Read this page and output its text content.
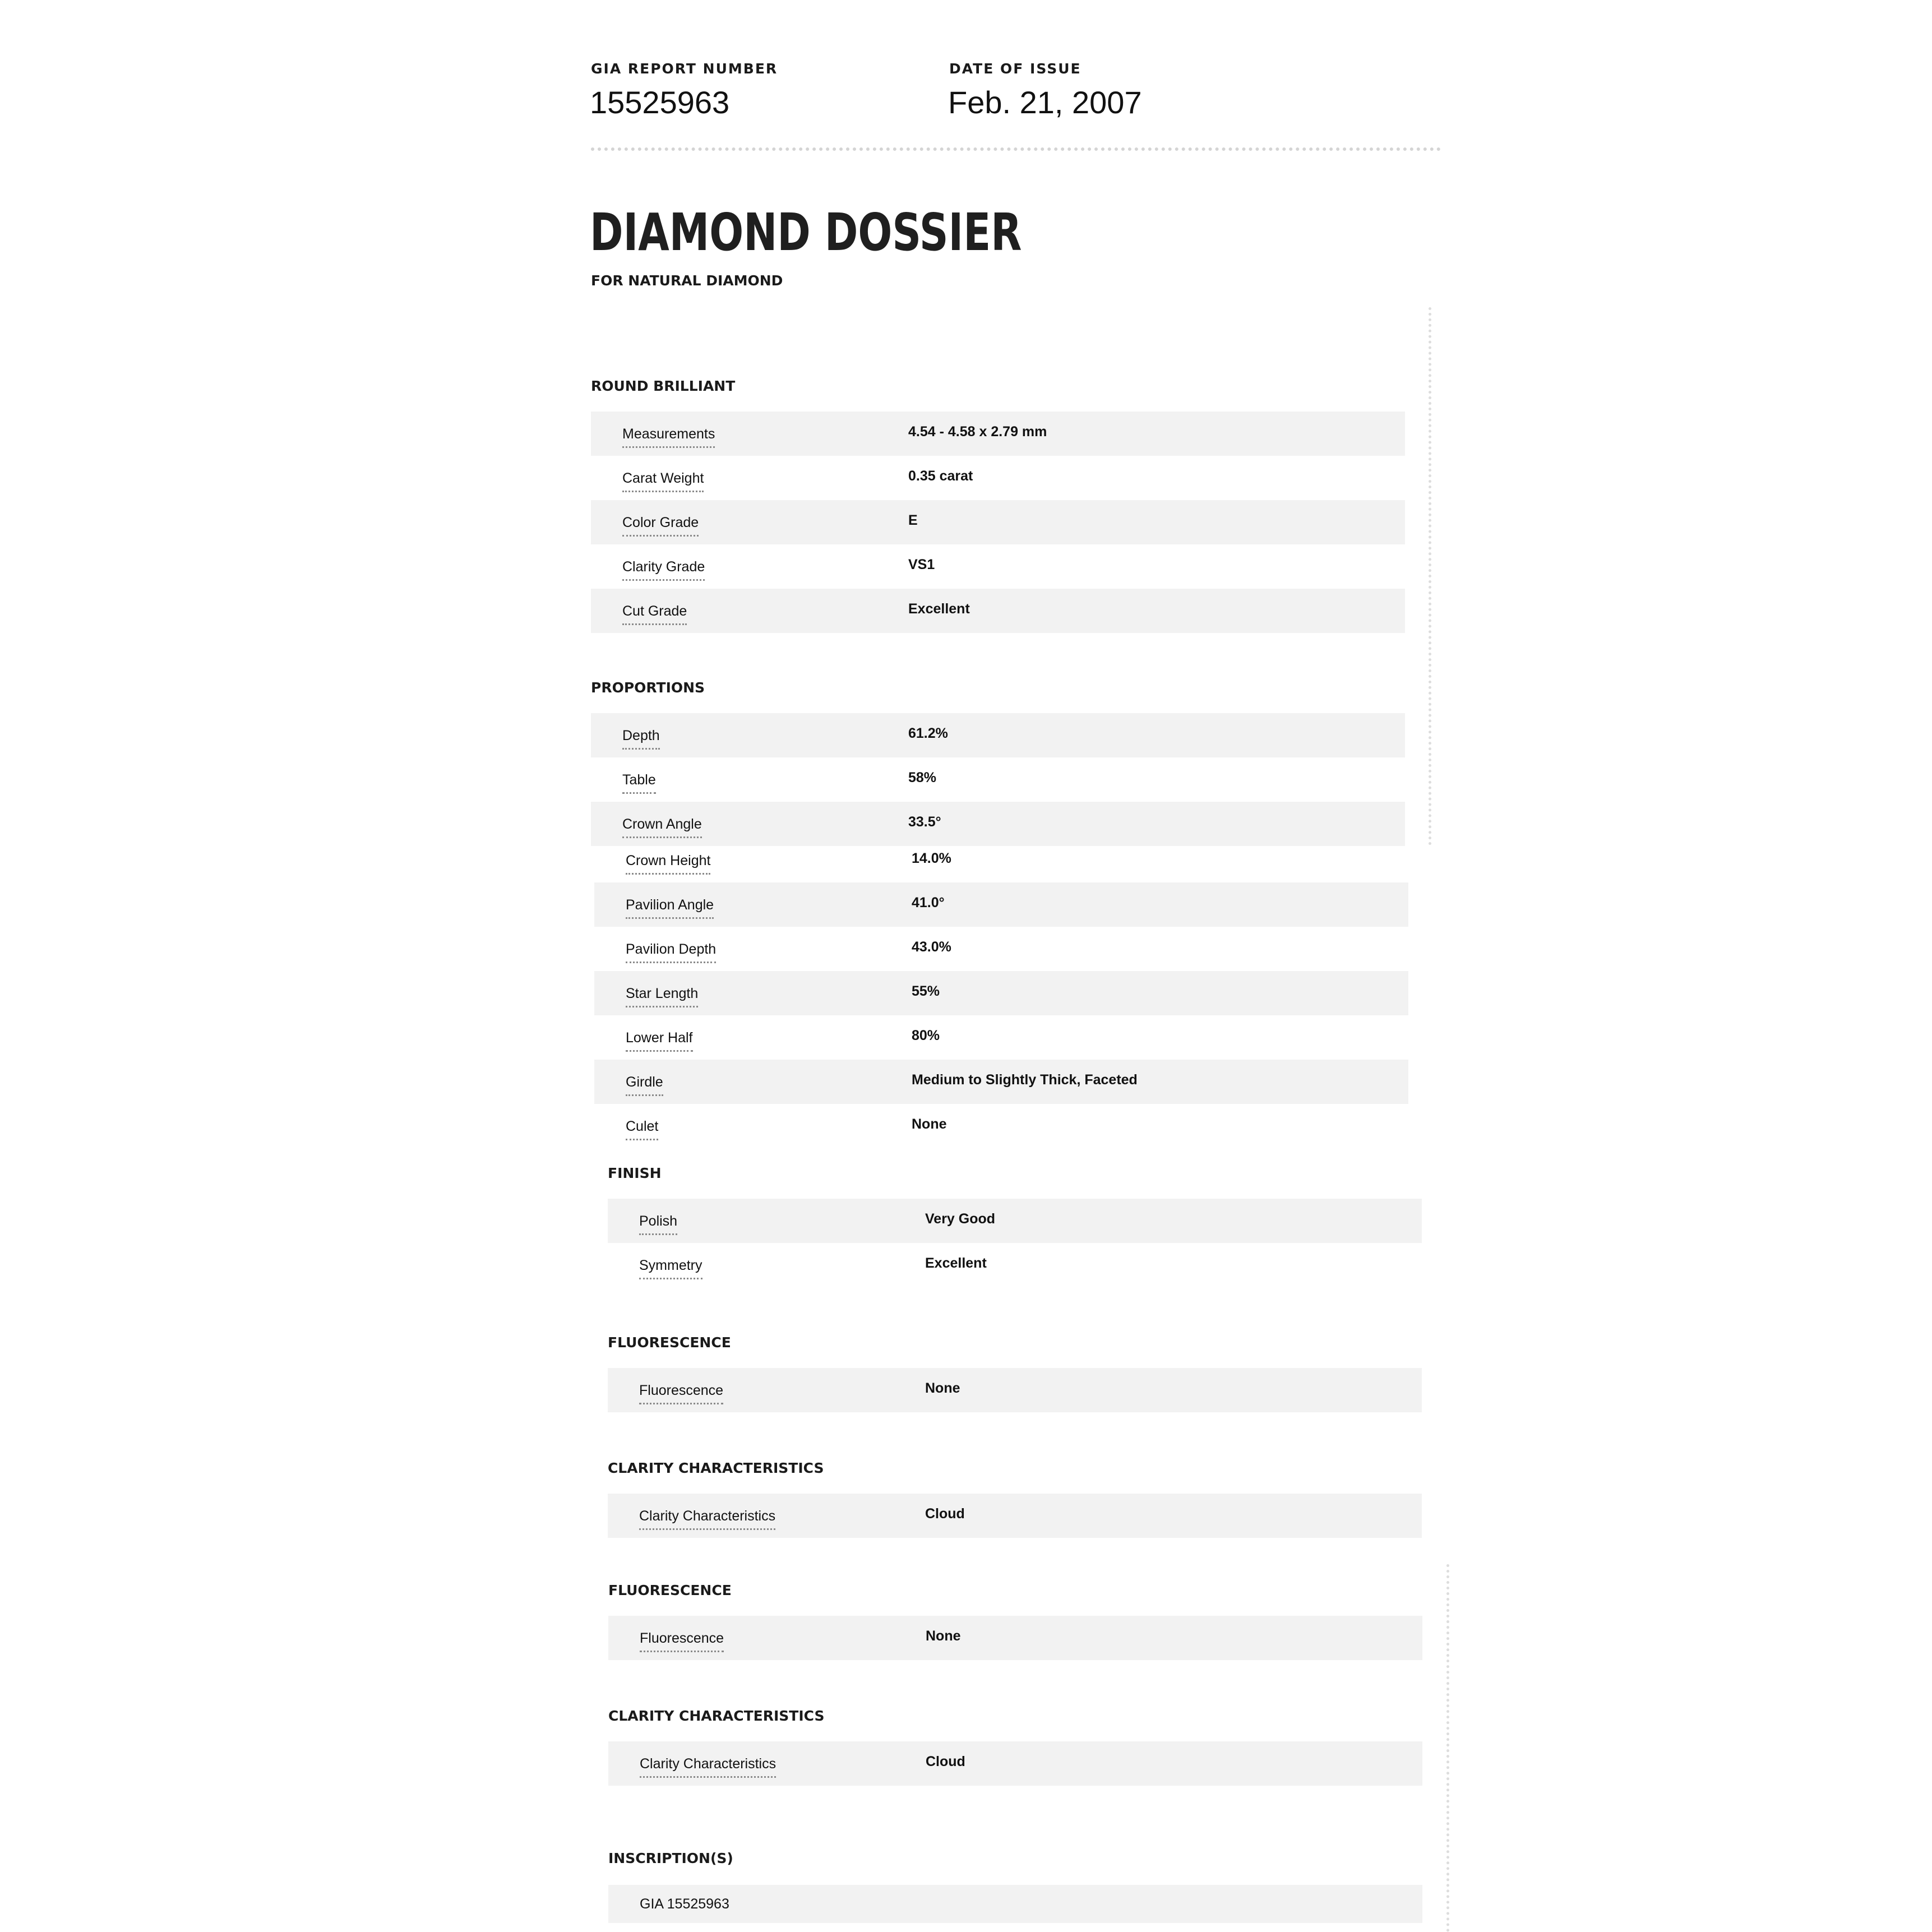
GIA REPORT NUMBER
15525963
DATE OF ISSUE
Feb. 21, 2007
DIAMOND DOSSIER
FOR NATURAL DIAMOND
ROUND BRILLIANT
Measurements	4.54 - 4.58 x 2.79 mm
Carat Weight	0.35 carat
Color Grade	E
Clarity Grade	VS1
Cut Grade	Excellent
PROPORTIONS
Depth	61.2%
Table	58%
Crown Angle	33.5°
Crown Height	14.0%
Pavilion Angle	41.0°
Pavilion Depth	43.0%
Star Length	55%
Lower Half	80%
Girdle	Medium to Slightly Thick, Faceted
Culet	None
FINISH
Polish	Very Good
Symmetry	Excellent
FLUORESCENCE
Fluorescence	None
CLARITY CHARACTERISTICS
Clarity Characteristics	Cloud
FLUORESCENCE
Fluorescence	None
CLARITY CHARACTERISTICS
Clarity Characteristics	Cloud
INSCRIPTION(S)
GIA 15525963
